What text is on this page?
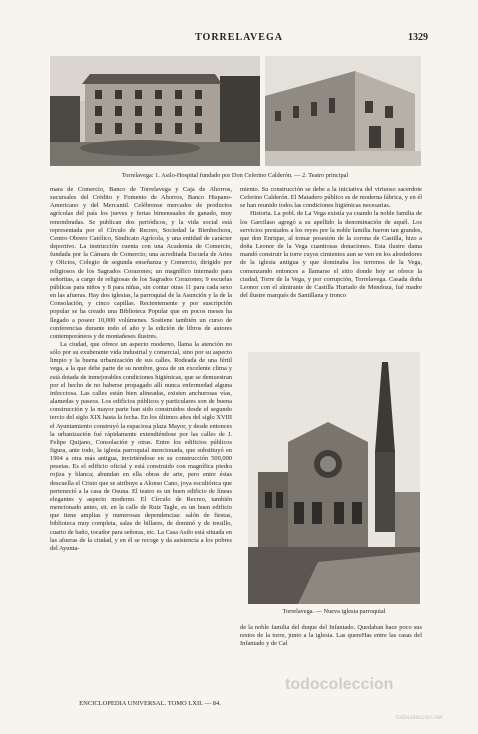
TORRELAVEGA	1329
Torrelavega: 1. Asilo-Hospital fundado por Don Ceferino Calderón. — 2. Teatro principal

mara de Comercio, Banco de Torrelavega y Caja de Ahorros, sucursales del Crédito y Fomento de Ahorros, Banco Hispano-Americano y del Mercantil. Celébrense mercados de productos agrícolas del país los jueves y ferias bimensuales de ganado, muy renombradas. Se publican dos periódicos, y la vida social está representada por el Círculo de Recreo, Sociedad la Bienhechora, Centro Obrero Católico, Sindicato Agrícola, y una entidad de carácter deportivo. La instrucción cuenta con una Academia de Comercio, fundada por la Cámara de Comercio; una acreditada Escuela de Artes y Oficios, Colegio de segunda enseñanza y Comercio, dirigido por religiosos de los Sagrados Corazones; un magnífico internado para señoritas, a cargo de religiosas de los Sagrados Corazones; 9 escuelas públicas para niños y 8 para niñas, sin contar otras 11 para cada sexo en las afueras. Hay dos iglesias, la parroquial de la Asunción y la de la Consolación, y cinco capillas. Recientemente y por suscripción popular se ha creado una Biblioteca Popular que en pocos meses ha llegado a poseer 10,000 volúmenes. Sostiene también un curso de conferencias durante todo el año y la edición de libros de autores contemporáneos y de montañeses ilustres.

La ciudad, que ofrece un aspecto moderno, llama la atención no sólo por su exuberante vida industrial y comercial, sino por su aspecto limpio y la buena urbanización de sus calles. Rodeada de una fértil vega, a la que debe parte de su nombre, goza de un excelente clima y está dotada de inmejorables condiciones higiénicas, que se demuestran por el hecho de no haberse propagado allí nunca enfermedad alguna infecciosa. Las calles están bien alineadas, existen anchurosas vías, alamedas y paseos. Los edificios públicos y particulares son de buena construcción y la mayor parte han sido construidos desde el segundo tercio del siglo XIX hasta la fecha. En los últimos años del siglo XVIII el Ayuntamiento construyó la espaciosa plaza Mayor, y desde entonces la urbanización fué rápidamente extendiéndose por las calles de J. Felipe Quijano, Consolación y otras. Entre los edificios públicos figura, ante todo, la iglesia parroquial mencionada, que substituyó en 1904 a otra más antigua, invirtiéndose en su construcción 500,000 pesetas. Es el edificio oficial y está construido con magnífica piedra rojiza y blanca; abundan en ella obras de arte, pero entre éstas descuella el Cristo que se atribuye a Alonso Cano, joya escultórica que perteneció a la casa de Osuna. El teatro es un buen edificio de líneas elegantes y aspecto moderno. El Círculo de Recreo, también mencionado antes, sit. en la calle de Ruiz Tagle, es un buen edificio que tiene amplias y numerosas dependencias: salón de fiestas, biblioteca muy completa, salas de billares, de dominó y de tresillo, cuarto de baño, tocador para señoras, etc. La Casa Asilo está situada en las afueras de la ciudad, y en él se recoge y da asistencia a los pobres del Ayunta-

miento. Su construcción se debe a la iniciativa del virtuoso sacerdote Ceferino Calderón. El Matadero público es de moderna fábrica, y en él se han reunido todos las condiciones higiénicas necesarias.

Historia. La pobl. de La Vega existía ya cuando la noble familia de los Garcilaso agregó a su apellido la denominación de aquél. Los servicios prestados a los reyes por la noble familia fueron tan grandes, que don Enrique, al tomar posesión de la corona de Castilla, hizo a doña Leonor de la Vega cuantiosas donaciones. Esta ilustre dama mandó construir la torre cuyos cimientos aun se ven en los alrededores de la iglesia antigua y que dominaba los terrenos de la Vega, comenzando entonces a llamarse el sitio donde hoy se ofrece la ciudad, Torre de la Vega, y por corrupción, Torrelavega. Casada doña Leonor con el almirante de Castilla Hurtado de Mendoza, fué madre del ilustre marqués de Santillana y tronco

Torrelavega. — Nueva iglesia parroquial

de la noble familia del duque del Infantado. Quedaban hace poco sus restos de la torre, junto a la iglesia. Las quereHas entre las casas del Infantado y de Cal

ENCICLOPEDIA UNIVERSAL. TOMO LXII. — 84.
todocoleccion
todocoleccion.net
